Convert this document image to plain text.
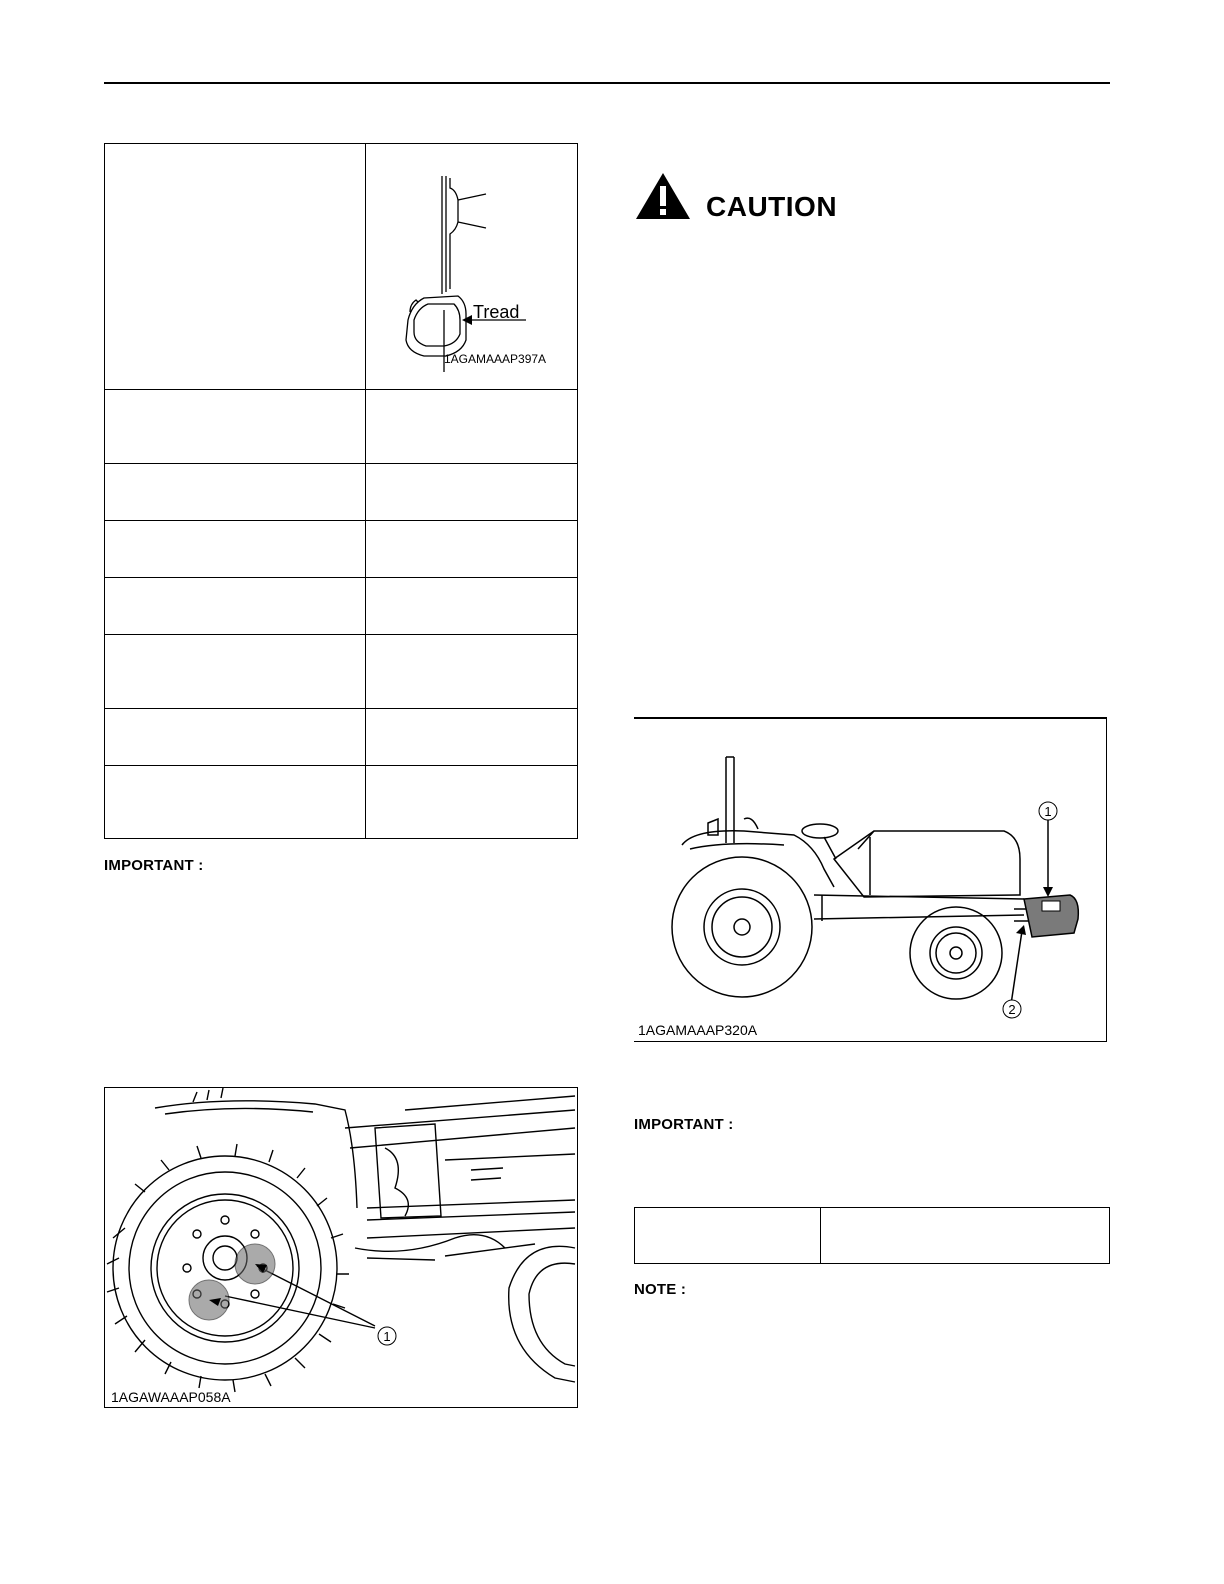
Tread
1AGAMAAAP397A

IMPORTANT :
1
1AGAWAAAP058A
CAUTION
1
2
1AGAMAAAP320A
IMPORTANT :

NOTE :
